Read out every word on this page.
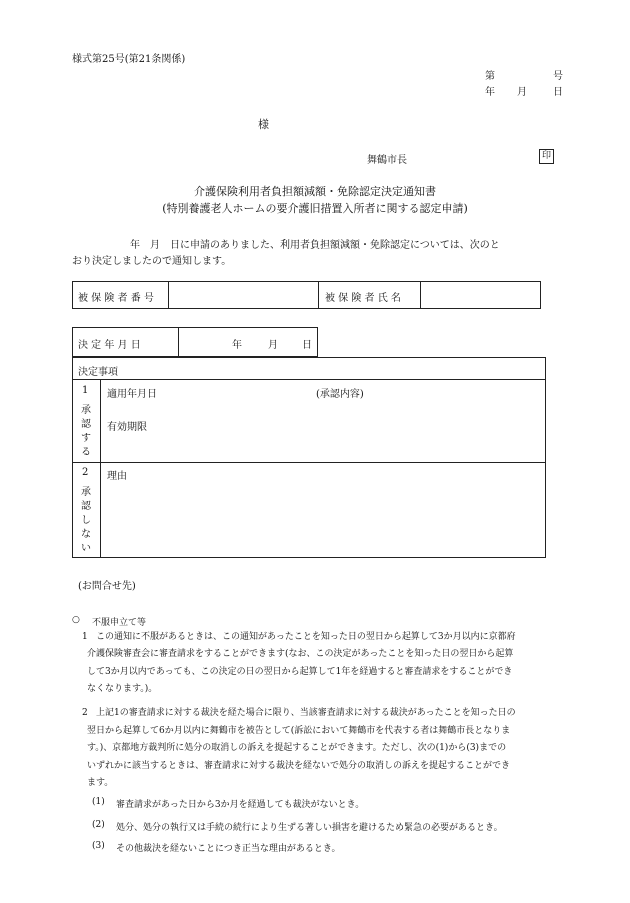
様式第25号(第21条関係)
第	号
年 月	日
様
舞鶴市長	印
介護保険利用者負担額減額・免除認定決定通知書
(特別養護老人ホームの要介護旧措置入所者に関する認定申請)
年　月　日に申請のありました、利用者負担額減額・免除認定については、次のと
おり決定しましたので通知します。
被 保 険 者 番 号	被 保 険 者 氏 名
決 定 年 月 日	年	月 日
決定事項
1
承
認
す
る
適用年月日	(承認内容)
有効期限
2
承
認
し
な
い
理由
(お問合せ先)
○ 不服申立て等
1 この通知に不服があるときは、この通知があったことを知った日の翌日から起算して3か月以内に京都府
介護保険審査会に審査請求をすることができます(なお、この決定があったことを知った日の翌日から起算
して3か月以内であっても、この決定の日の翌日から起算して1年を経過すると審査請求をすることができ
なくなります。)。
2 上記1の審査請求に対する裁決を経た場合に限り、当該審査請求に対する裁決があったことを知った日の
翌日から起算して6か月以内に舞鶴市を被告として(訴訟において舞鶴市を代表する者は舞鶴市長となりま
す。)、京都地方裁判所に処分の取消しの訴えを提起することができます。ただし、次の(1)から(3)までの
いずれかに該当するときは、審査請求に対する裁決を経ないで処分の取消しの訴えを提起することができ
ます。
(1) 審査請求があった日から3か月を経過しても裁決がないとき。
(2) 処分、処分の執行又は手続の続行により生ずる著しい損害を避けるため緊急の必要があるとき。
(3) その他裁決を経ないことにつき正当な理由があるとき。
